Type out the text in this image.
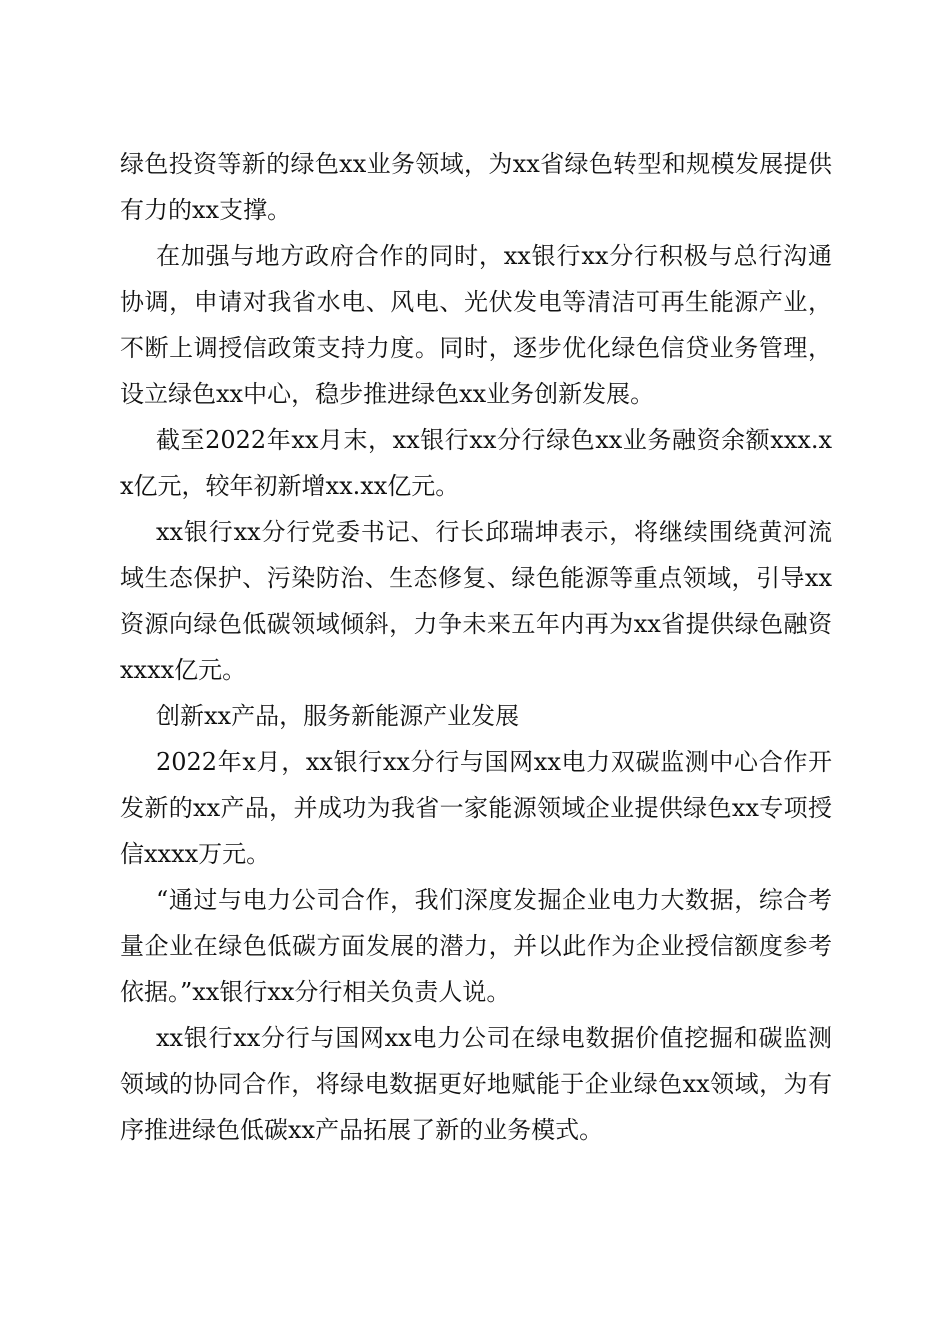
绿色投资等新的绿色xx业务领域，为xx省绿色转型和规模发展提供有力的xx支撑。

在加强与地方政府合作的同时，xx银行xx分行积极与总行沟通协调，申请对我省水电、风电、光伏发电等清洁可再生能源产业，不断上调授信政策支持力度。同时，逐步优化绿色信贷业务管理，设立绿色xx中心，稳步推进绿色xx业务创新发展。

截至2022年xx月末，xx银行xx分行绿色xx业务融资余额xxx.xx亿元，较年初新增xx.xx亿元。

xx银行xx分行党委书记、行长邱瑞坤表示，将继续围绕黄河流域生态保护、污染防治、生态修复、绿色能源等重点领域，引导xx资源向绿色低碳领域倾斜，力争未来五年内再为xx省提供绿色融资xxxx亿元。

创新xx产品，服务新能源产业发展

2022年x月，xx银行xx分行与国网xx电力双碳监测中心合作开发新的xx产品，并成功为我省一家能源领域企业提供绿色xx专项授信xxxx万元。

“通过与电力公司合作，我们深度发掘企业电力大数据，综合考量企业在绿色低碳方面发展的潜力，并以此作为企业授信额度参考依据。”xx银行xx分行相关负责人说。

xx银行xx分行与国网xx电力公司在绿电数据价值挖掘和碳监测领域的协同合作，将绿电数据更好地赋能于企业绿色xx领域，为有序推进绿色低碳xx产品拓展了新的业务模式。
